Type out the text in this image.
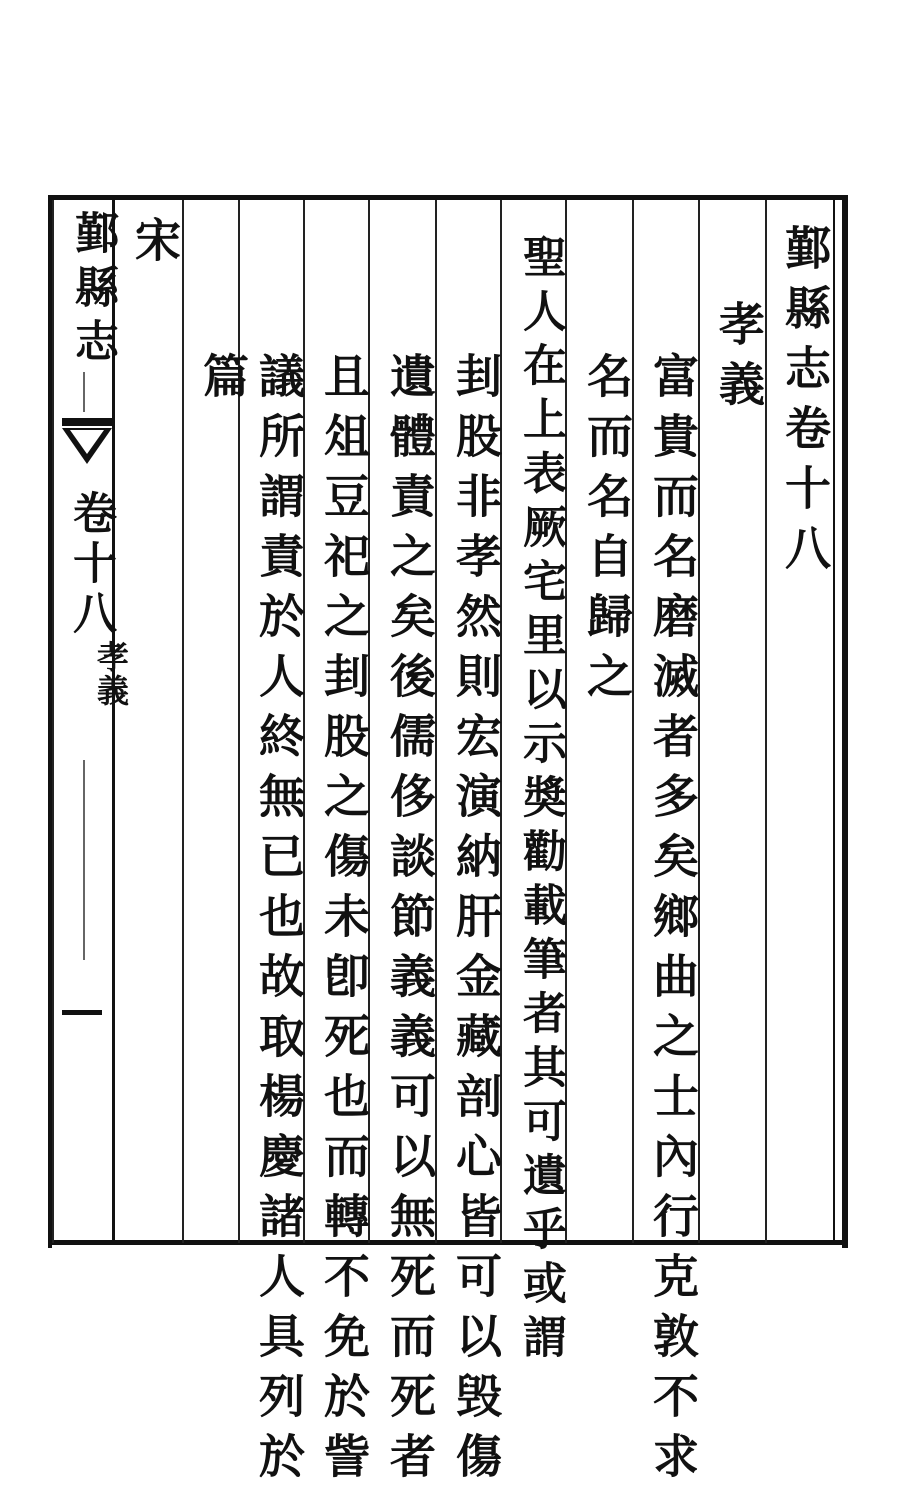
鄞縣志
卷十八
孝義
鄞縣志卷十八
孝義
富貴而名磨滅者多矣鄉曲之士內行克敦不求
名而名自歸之
聖人在上表厥宅里以示奬勸載筆者其可遺乎或謂
刲股非孝然則宏演納肝金藏剖心皆可以毁傷
遺體責之矣後儒侈談節義義可以無死而死者
且俎豆祀之刲股之傷未卽死也而轉不免於訾
議所謂責於人終無已也故取楊慶諸人具列於
篇
宋
